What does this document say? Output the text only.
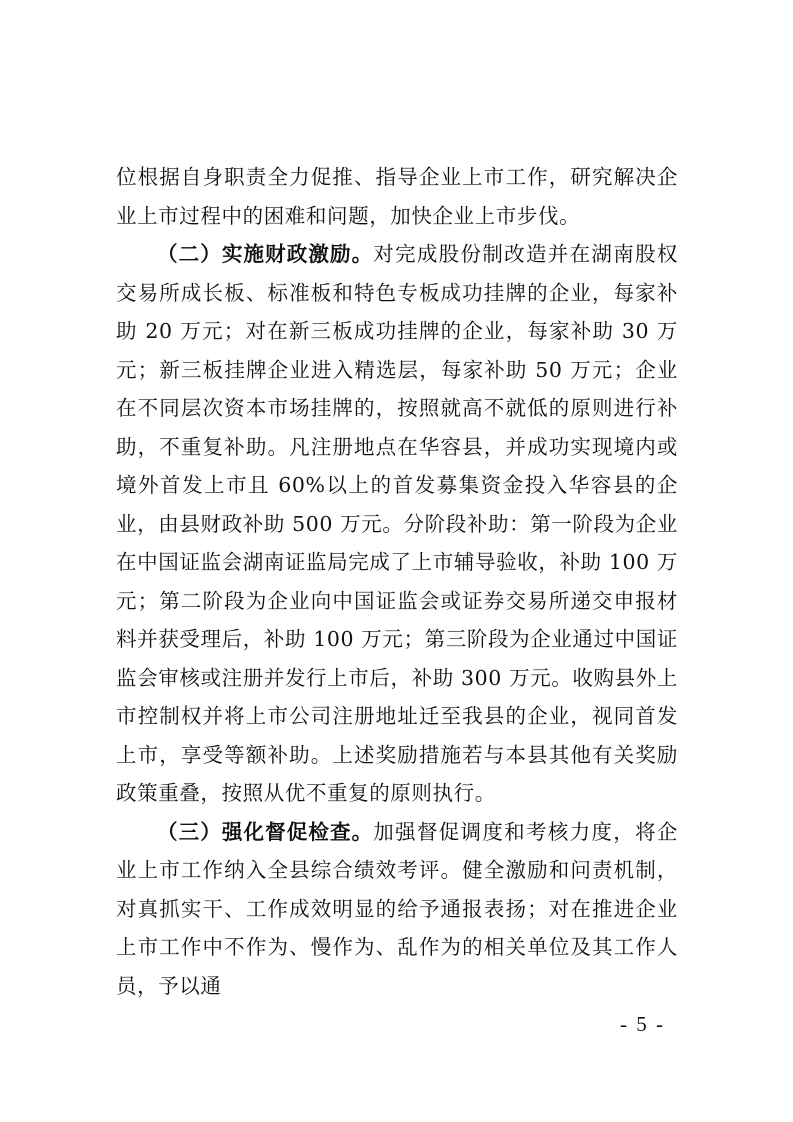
位根据自身职责全力促推、指导企业上市工作，研究解决企业上市过程中的困难和问题，加快企业上市步伐。

（二）实施财政激励。对完成股份制改造并在湖南股权交易所成长板、标准板和特色专板成功挂牌的企业，每家补助 20 万元；对在新三板成功挂牌的企业，每家补助 30 万元；新三板挂牌企业进入精选层，每家补助 50 万元；企业在不同层次资本市场挂牌的，按照就高不就低的原则进行补助，不重复补助。凡注册地点在华容县，并成功实现境内或境外首发上市且 60%以上的首发募集资金投入华容县的企业，由县财政补助 500 万元。分阶段补助：第一阶段为企业在中国证监会湖南证监局完成了上市辅导验收，补助 100 万元；第二阶段为企业向中国证监会或证券交易所递交申报材料并获受理后，补助 100 万元；第三阶段为企业通过中国证监会审核或注册并发行上市后，补助 300 万元。收购县外上市控制权并将上市公司注册地址迁至我县的企业，视同首发上市，享受等额补助。上述奖励措施若与本县其他有关奖励政策重叠，按照从优不重复的原则执行。

（三）强化督促检查。加强督促调度和考核力度，将企业上市工作纳入全县综合绩效考评。健全激励和问责机制，对真抓实干、工作成效明显的给予通报表扬；对在推进企业上市工作中不作为、慢作为、乱作为的相关单位及其工作人员，予以通

- 5 -
